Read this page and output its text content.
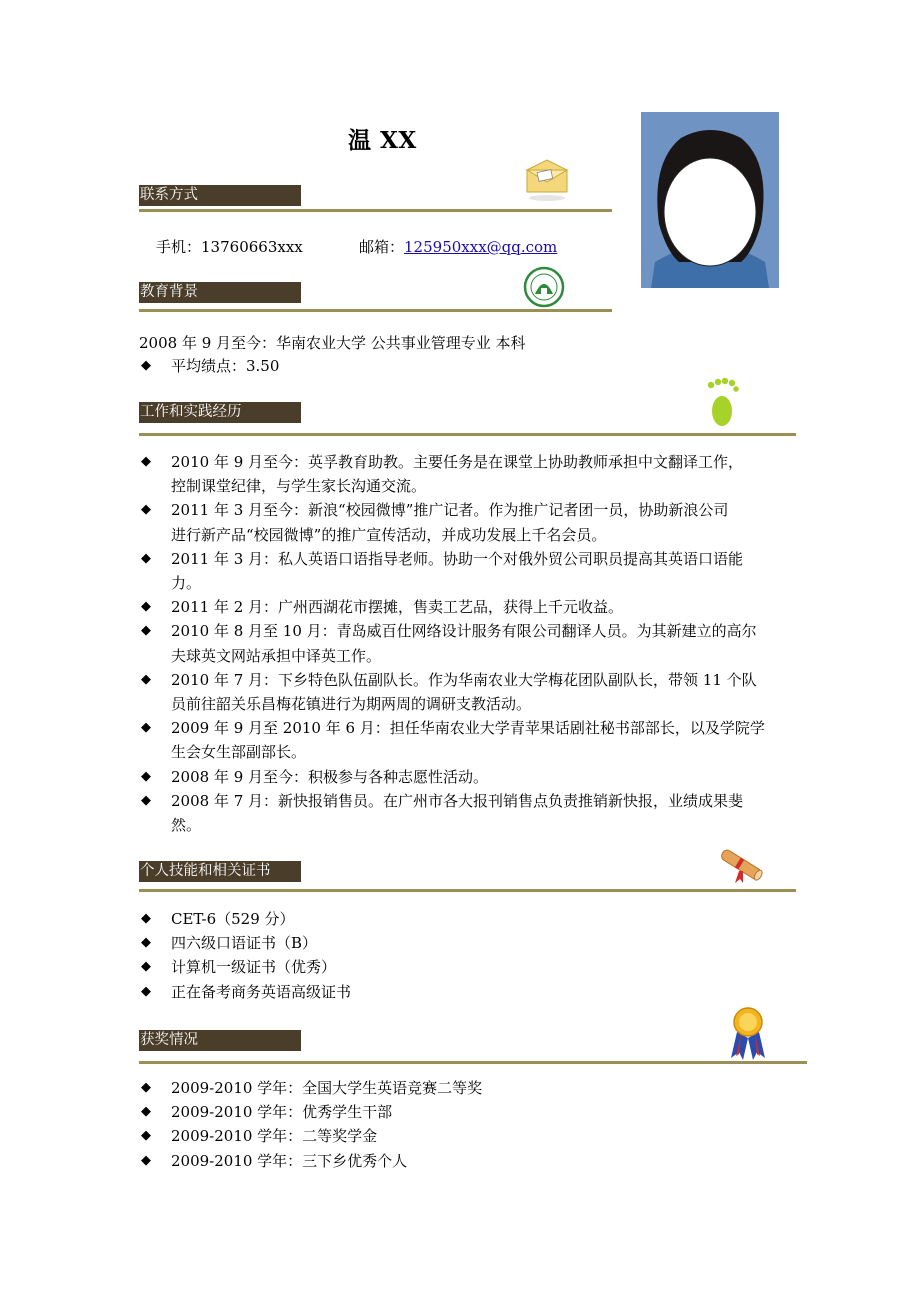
温 XX
联系方式
手机：13760663xxx	邮箱：125950xxx@qq.com
教育背景
2008 年 9 月至今：华南农业大学 公共事业管理专业 本科
◆ 平均绩点：3.50
工作和实践经历
◆ 2010 年 9 月至今：英孚教育助教。主要任务是在课堂上协助教师承担中文翻译工作，
控制课堂纪律，与学生家长沟通交流。
◆ 2011 年 3 月至今：新浪“校园微博”推广记者。作为推广记者团一员，协助新浪公司
进行新产品“校园微博”的推广宣传活动，并成功发展上千名会员。
◆ 2011 年 3 月：私人英语口语指导老师。协助一个对俄外贸公司职员提高其英语口语能
力。
◆ 2011 年 2 月：广州西湖花市摆摊，售卖工艺品，获得上千元收益。
◆ 2010 年 8 月至 10 月：青岛威百仕网络设计服务有限公司翻译人员。为其新建立的高尔
夫球英文网站承担中译英工作。
◆ 2010 年 7 月：下乡特色队伍副队长。作为华南农业大学梅花团队副队长，带领 11 个队
员前往韶关乐昌梅花镇进行为期两周的调研支教活动。
◆ 2009 年 9 月至 2010 年 6 月：担任华南农业大学青苹果话剧社秘书部部长，以及学院学
生会女生部副部长。
◆ 2008 年 9 月至今：积极参与各种志愿性活动。
◆ 2008 年 7 月：新快报销售员。在广州市各大报刊销售点负责推销新快报，业绩成果斐
然。
个人技能和相关证书
◆ CET-6（529 分）
◆ 四六级口语证书（B）
◆ 计算机一级证书（优秀）
◆ 正在备考商务英语高级证书
获奖情况
◆ 2009-2010 学年：全国大学生英语竞赛二等奖
◆ 2009-2010 学年：优秀学生干部
◆ 2009-2010 学年：二等奖学金
◆ 2009-2010 学年：三下乡优秀个人
